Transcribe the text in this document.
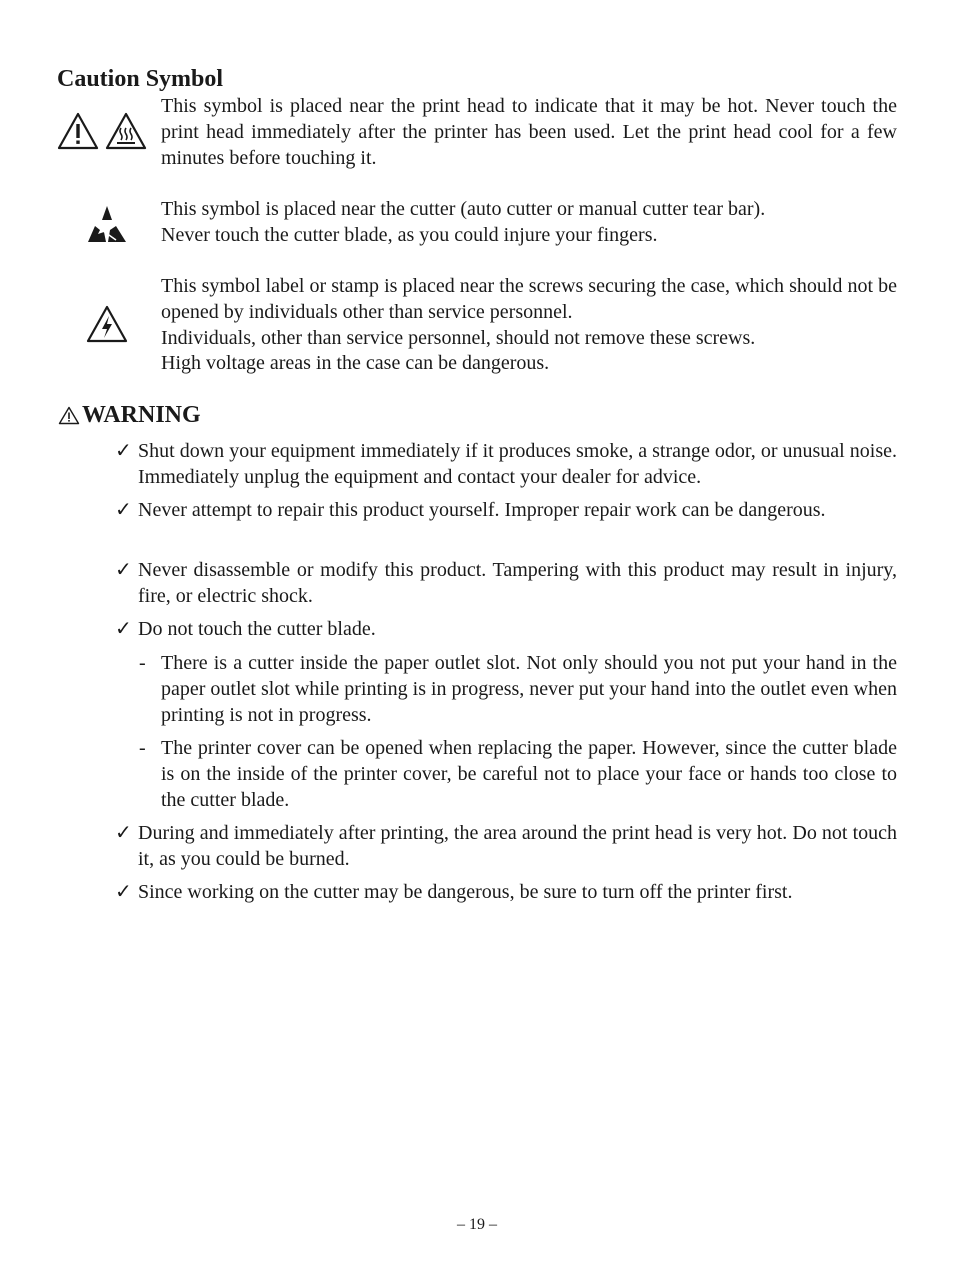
Caution Symbol

This symbol is placed near the print head to indicate that it may be hot. Never touch the print head immediately after the printer has been used. Let the print head cool for a few minutes before touching it.

This symbol is placed near the cutter (auto cutter or manual cutter tear bar).
Never touch the cutter blade, as you could injure your fingers.

This symbol label or stamp is placed near the screws securing the case, which should not be opened by individuals other than service personnel.
Individuals, other than service personnel, should not remove these screws.
High voltage areas in the case can be dangerous.

WARNING
✓ Shut down your equipment immediately if it produces smoke, a strange odor, or unusual noise. Immediately unplug the equipment and contact your dealer for advice.
✓ Never attempt to repair this product yourself. Improper repair work can be dangerous.
✓ Never disassemble or modify this product. Tampering with this product may result in injury, fire, or electric shock.
✓ Do not touch the cutter blade.
- There is a cutter inside the paper outlet slot. Not only should you not put your hand in the paper outlet slot while printing is in progress, never put your hand into the outlet even when printing is not in progress.
- The printer cover can be opened when replacing the paper. However, since the cutter blade is on the inside of the printer cover, be careful not to place your face or hands too close to the cutter blade.
✓ During and immediately after printing, the area around the print head is very hot. Do not touch it, as you could be burned.
✓ Since working on the cutter may be dangerous, be sure to turn off the printer first.
– 19 –
